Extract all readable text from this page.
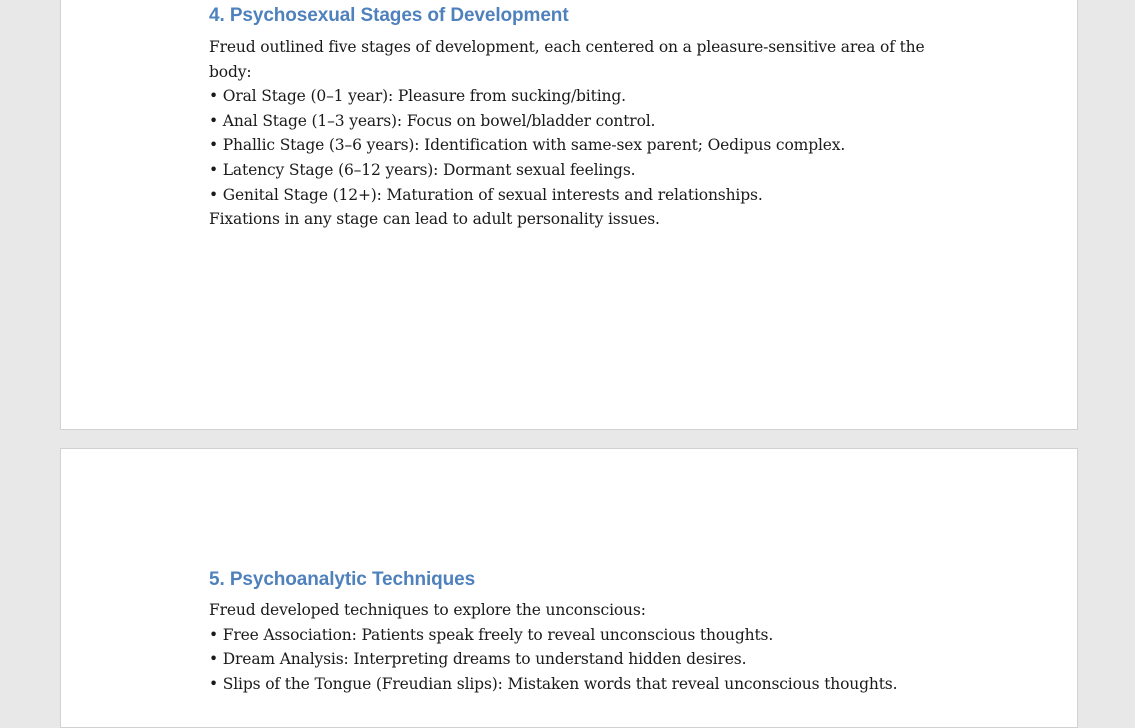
4. Psychosexual Stages of Development

Freud outlined five stages of development, each centered on a pleasure-sensitive area of the body:

• Oral Stage (0–1 year): Pleasure from sucking/biting.

• Anal Stage (1–3 years): Focus on bowel/bladder control.

• Phallic Stage (3–6 years): Identification with same-sex parent; Oedipus complex.

• Latency Stage (6–12 years): Dormant sexual feelings.

• Genital Stage (12+): Maturation of sexual interests and relationships.

Fixations in any stage can lead to adult personality issues.

5. Psychoanalytic Techniques

Freud developed techniques to explore the unconscious:

• Free Association: Patients speak freely to reveal unconscious thoughts.

• Dream Analysis: Interpreting dreams to understand hidden desires.

• Slips of the Tongue (Freudian slips): Mistaken words that reveal unconscious thoughts.
